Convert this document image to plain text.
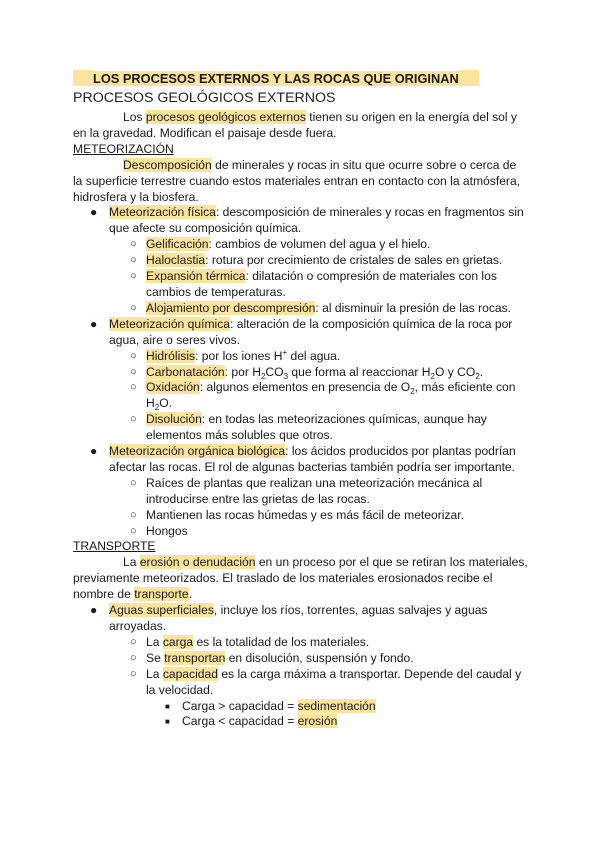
LOS PROCESOS EXTERNOS Y LAS ROCAS QUE ORIGINAN
PROCESOS GEOLÓGICOS EXTERNOS

Los procesos geológicos externos tienen su origen en la energía del sol y en la gravedad. Modifican el paisaje desde fuera.

METEORIZACIÓN

Descomposición de minerales y rocas in situ que ocurre sobre o cerca de la superficie terrestre cuando estos materiales entran en contacto con la atmósfera, hidrosfera y la biosfera.

● Meteorización física: descomposición de minerales y rocas en fragmentos sin que afecte su composición química.
○ Gelificación: cambios de volumen del agua y el hielo.
○ Haloclastia: rotura por crecimiento de cristales de sales en grietas.
○ Expansión térmica: dilatación o compresión de materiales con los cambios de temperaturas.
○ Alojamiento por descompresión: al disminuir la presión de las rocas.
● Meteorización química: alteración de la composición química de la roca por agua, aire o seres vivos.
○ Hidrólisis: por los iones H+ del agua.
○ Carbonatación: por $H_2CO_3$ que forma al reaccionar $H_2O$ y $CO_2$.
○ Oxidación: algunos elementos en presencia de $O_2$, más eficiente con $H_2O$.
○ Disolución: en todas las meteorizaciones químicas, aunque hay elementos más solubles que otros.
● Meteorización orgánica biológica: los ácidos producidos por plantas podrían afectar las rocas. El rol de algunas bacterias también podría ser importante.
○ Raíces de plantas que realizan una meteorización mecánica al introducirse entre las grietas de las rocas.
○ Mantienen las rocas húmedas y es más fácil de meteorizar.
○ Hongos

TRANSPORTE

La erosión o denudación en un proceso por el que se retiran los materiales, previamente meteorizados. El traslado de los materiales erosionados recibe el nombre de transporte.

● Aguas superficiales, incluye los ríos, torrentes, aguas salvajes y aguas arroyadas.
○ La carga es la totalidad de los materiales.
○ Se transportan en disolución, suspensión y fondo.
○ La capacidad es la carga máxima a transportar. Depende del caudal y la velocidad.
■ Carga > capacidad = sedimentación
■ Carga < capacidad = erosión
